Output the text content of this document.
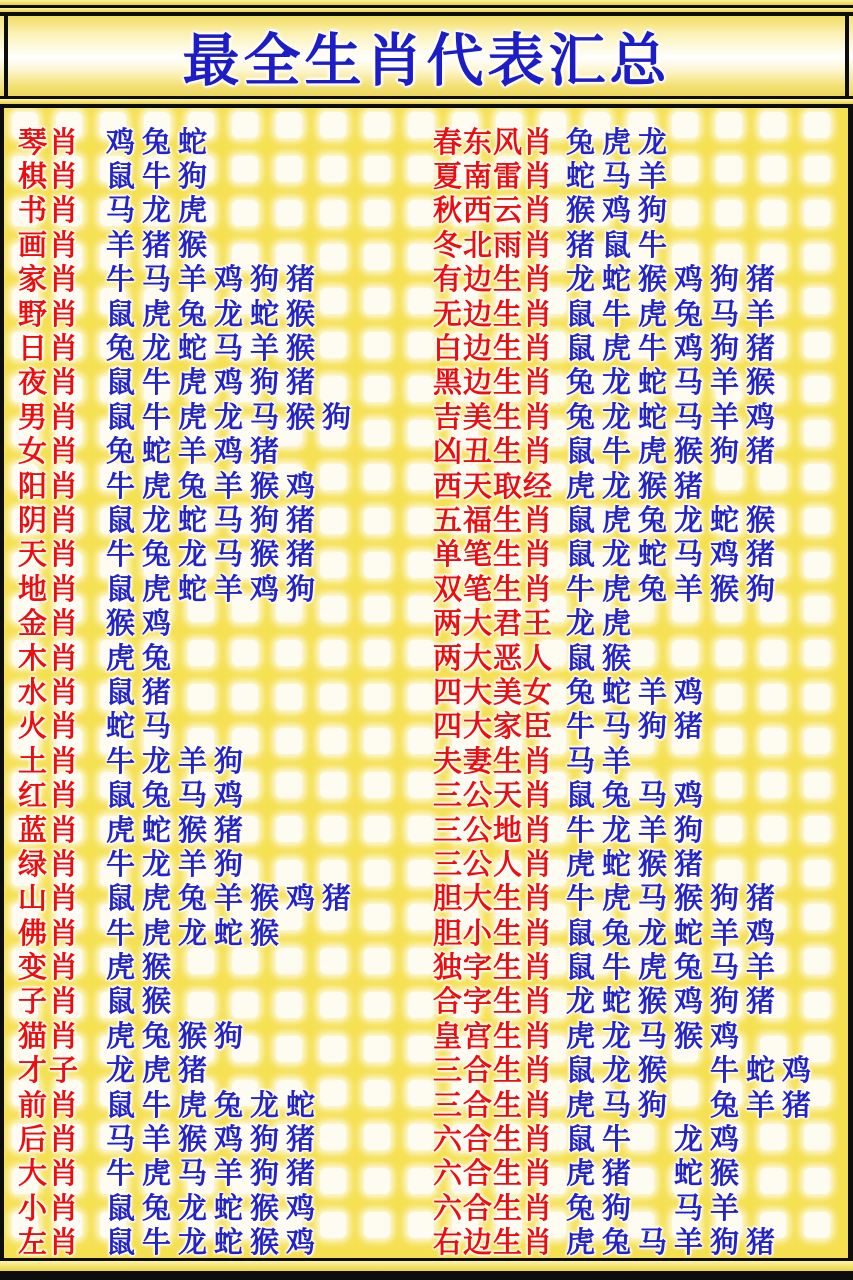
最全生肖代表汇总
琴肖 鸡兔蛇
棋肖 鼠牛狗
书肖 马龙虎
画肖 羊猪猴
家肖 牛马羊鸡狗猪
野肖 鼠虎兔龙蛇猴
日肖 兔龙蛇马羊猴
夜肖 鼠牛虎鸡狗猪
男肖 鼠牛虎龙马猴狗
女肖 兔蛇羊鸡猪
阳肖 牛虎兔羊猴鸡
阴肖 鼠龙蛇马狗猪
天肖 牛兔龙马猴猪
地肖 鼠虎蛇羊鸡狗
金肖 猴鸡
木肖 虎兔
水肖 鼠猪
火肖 蛇马
土肖 牛龙羊狗
红肖 鼠兔马鸡
蓝肖 虎蛇猴猪
绿肖 牛龙羊狗
山肖 鼠虎兔羊猴鸡猪
佛肖 牛虎龙蛇猴
变肖 虎猴
子肖 鼠猴
猫肖 虎兔猴狗
才子 龙虎猪
前肖 鼠牛虎兔龙蛇
后肖 马羊猴鸡狗猪
大肖 牛虎马羊狗猪
小肖 鼠兔龙蛇猴鸡
左肖 鼠牛龙蛇猴鸡
春东风肖 兔虎龙
夏南雷肖 蛇马羊
秋西云肖 猴鸡狗
冬北雨肖 猪鼠牛
有边生肖 龙蛇猴鸡狗猪
无边生肖 鼠牛虎兔马羊
白边生肖 鼠虎牛鸡狗猪
黑边生肖 兔龙蛇马羊猴
吉美生肖 兔龙蛇马羊鸡
凶丑生肖 鼠牛虎猴狗猪
西天取经 虎龙猴猪
五福生肖 鼠虎兔龙蛇猴
单笔生肖 鼠龙蛇马鸡猪
双笔生肖 牛虎兔羊猴狗
两大君王 龙虎
两大恶人 鼠猴
四大美女 兔蛇羊鸡
四大家臣 牛马狗猪
夫妻生肖 马羊
三公天肖 鼠兔马鸡
三公地肖 牛龙羊狗
三公人肖 虎蛇猴猪
胆大生肖 牛虎马猴狗猪
胆小生肖 鼠兔龙蛇羊鸡
独字生肖 鼠牛虎兔马羊
合字生肖 龙蛇猴鸡狗猪
皇宫生肖 虎龙马猴鸡
三合生肖 鼠龙猴　牛蛇鸡
三合生肖 虎马狗　兔羊猪
六合生肖 鼠牛　龙鸡
六合生肖 虎猪　蛇猴
六合生肖 兔狗　马羊
右边生肖 虎兔马羊狗猪
